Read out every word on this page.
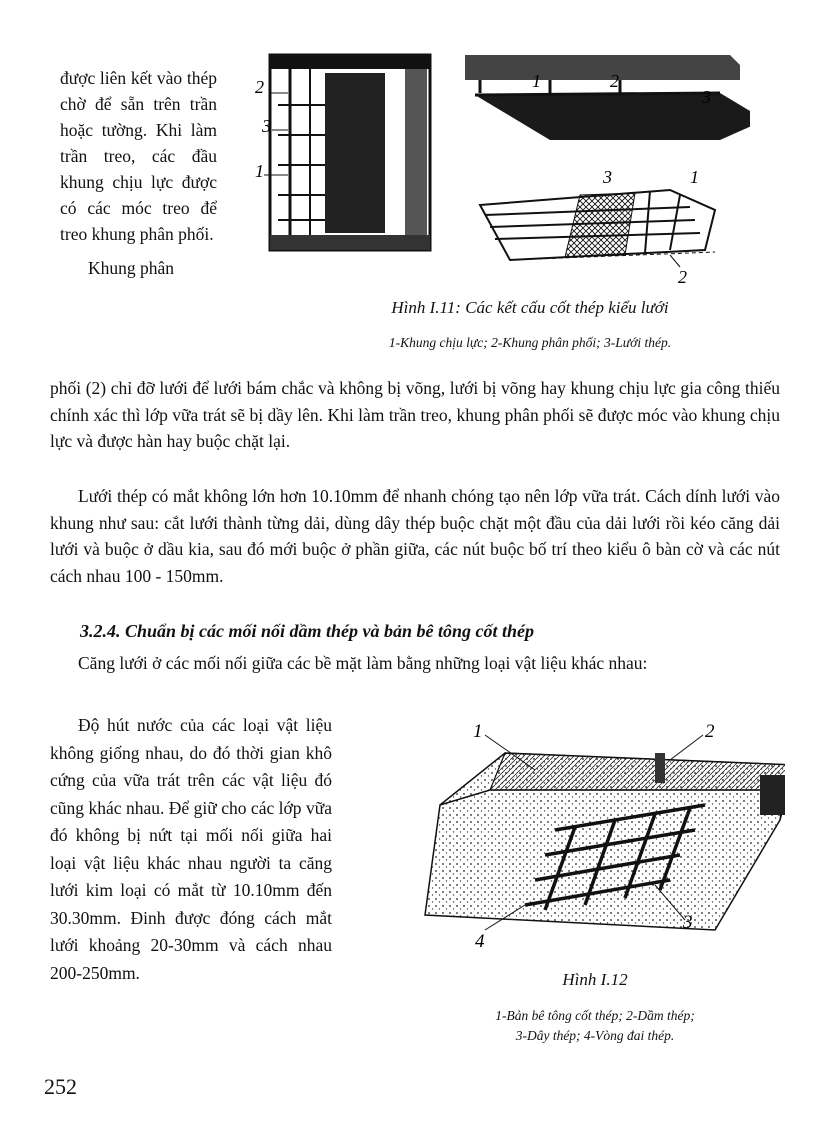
được liên kết vào thép chờ để sẵn trên trần hoặc tường. Khi làm trần treo, các đầu khung chịu lực được có các móc treo để treo khung phân phối.

Khung phân

2
3
1
1	2
3
3	1
2
Hình I.11: Các kết cấu cốt thép kiểu lưới
1-Khung chịu lực; 2-Khung phân phối; 3-Lưới thép.

phối (2) chỉ đỡ lưới để lưới bám chắc và không bị võng, lưới bị võng hay khung chịu lực gia công thiếu chính xác thì lớp vữa trát sẽ bị dầy lên. Khi làm trần treo, khung phân phối sẽ được móc vào khung chịu lực và được hàn hay buộc chặt lại.

Lưới thép có mắt không lớn hơn 10.10mm để nhanh chóng tạo nên lớp vữa trát. Cách dính lưới vào khung như sau: cắt lưới thành từng dải, dùng dây thép buộc chặt một đầu của dải lưới rồi kéo căng dải lưới và buộc ở dầu kia, sau đó mới buộc ở phần giữa, các nút buộc bố trí theo kiểu ô bàn cờ và các nút cách nhau 100 - 150mm.

3.2.4. Chuẩn bị các mối nối dầm thép và bản bê tông cốt thép

Căng lưới ở các mối nối giữa các bề mặt làm bằng những loại vật liệu khác nhau:

Độ hút nước của các loại vật liệu không giống nhau, do đó thời gian khô cứng của vữa trát trên các vật liệu đó cũng khác nhau. Để giữ cho các lớp vữa đó không bị nứt tại mối nối giữa hai loại vật liệu khác nhau người ta căng lưới kim loại có mắt từ 10.10mm đến 30.30mm. Đinh được đóng cách mắt lưới khoảng 20-30mm và cách nhau 200-250mm.

1	2
3
4
Hình I.12
1-Bản bê tông cốt thép; 2-Dầm thép;
3-Dây thép; 4-Vòng đai thép.
252
